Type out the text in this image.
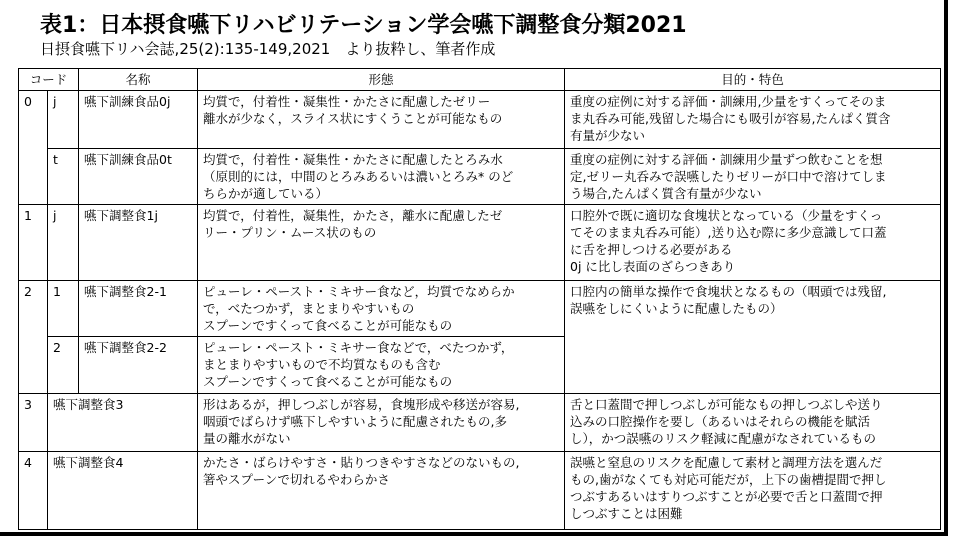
表1：日本摂食嚥下リハビリテーション学会嚥下調整食分類2021
日摂食嚥下リハ会誌,25(2):135-149,2021　より抜粋し、筆者作成
コード		名称	形態	目的・特色
0	j	嚥下訓練食品0j	均質で，付着性・凝集性・かたさに配慮したゼリー
離水が少なく，スライス状にすくうことが可能なもの	重度の症例に対する評価・訓練用,少量をすくってそのま
ま丸呑み可能,残留した場合にも吸引が容易,たんぱく質含
有量が少ない
	t	嚥下訓練食品0t	均質で，付着性・凝集性・かたさに配慮したとろみ水
（原則的には，中間のとろみあるいは濃いとろみ* のど
ちらかが適している）	重度の症例に対する評価・訓練用少量ずつ飲むことを想
定,ゼリー丸呑みで誤嚥したりゼリーが口中で溶けてしま
う場合,たんぱく質含有量が少ない
1	j	嚥下調整食1j	均質で，付着性，凝集性，かたさ，離水に配慮したゼ
リー・プリン・ムース状のもの	口腔外で既に適切な食塊状となっている（少量をすくっ
てそのまま丸呑み可能）,送り込む際に多少意識して口蓋
に舌を押しつける必要がある
0j に比し表面のざらつきあり
2	1	嚥下調整食2-1	ピューレ・ペースト・ミキサー食など，均質でなめらか
で，べたつかず，まとまりやすいもの
スプーンですくって食べることが可能なもの	口腔内の簡単な操作で食塊状となるもの（咽頭では残留,
誤嚥をしにくいように配慮したもの）
	2	嚥下調整食2-2	ピューレ・ペースト・ミキサー食などで，べたつかず，
まとまりやすいもので不均質なものも含む
スプーンですくって食べることが可能なもの	
3	嚥下調整食3		形はあるが，押しつぶしが容易，食塊形成や移送が容易,
咽頭でばらけず嚥下しやすいように配慮されたもの,多
量の離水がない	舌と口蓋間で押しつぶしが可能なもの押しつぶしや送り
込みの口腔操作を要し（あるいはそれらの機能を賦活
し），かつ誤嚥のリスク軽減に配慮がなされているもの
4	嚥下調整食4		かたさ・ばらけやすさ・貼りつきやすさなどのないもの,
箸やスプーンで切れるやわらかさ	誤嚥と窒息のリスクを配慮して素材と調理方法を選んだ
もの,歯がなくても対応可能だが，上下の歯槽提間で押し
つぶすあるいはすりつぶすことが必要で舌と口蓋間で押
しつぶすことは困難
